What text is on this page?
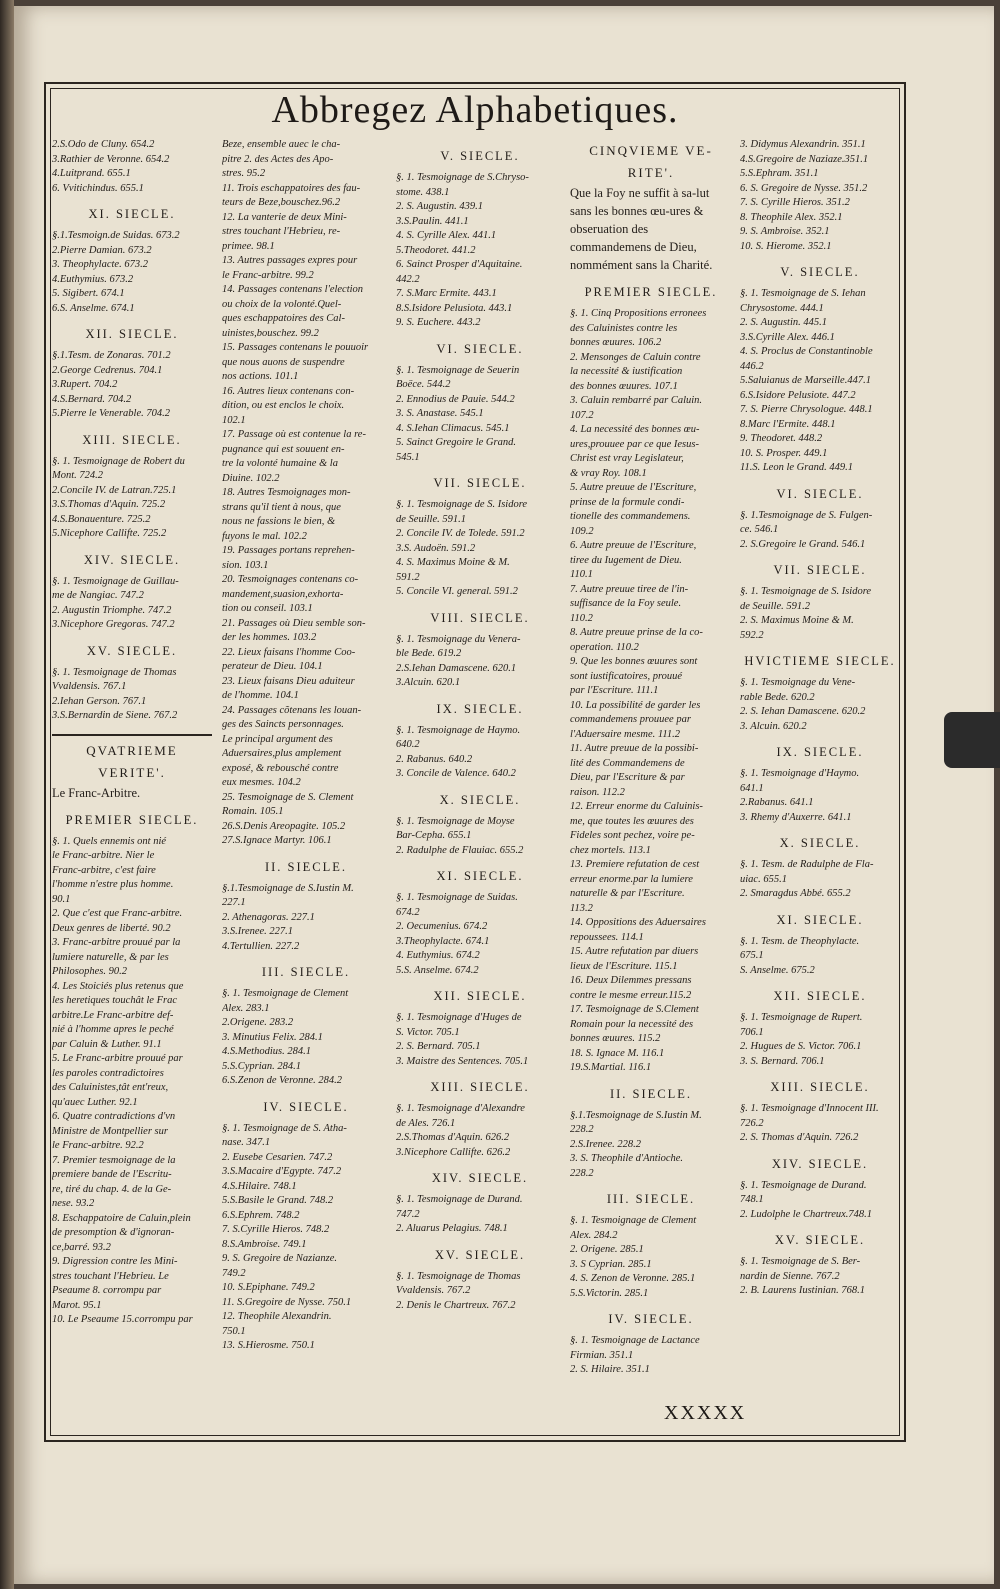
Abbregez Alphabetiques.
2.S.Odo de Cluny. 654.2
3.Rathier de Veronne. 654.2
4.Luitprand. 655.1
6. Vvitichindus. 655.1
XI. SIECLE.
§.1.Tesmoign.de Suidas. 673.2
2.Pierre Damian. 673.2
3. Theophylacte. 673.2
4.Euthymius. 673.2
5. Sigibert. 674.1
6.S. Anselme. 674.1
XII. SIECLE.
§.1.Tesm. de Zonaras. 701.2
2.George Cedrenus. 704.1
3.Rupert. 704.2
4.S.Bernard. 704.2
5.Pierre le Venerable. 704.2
XIII. SIECLE.
§. 1. Tesmoignage de Robert du
Mont. 724.2
2.Concile IV. de Latran.725.1
3.S.Thomas d'Aquin. 725.2
4.S.Bonauenture. 725.2
5.Nicephore Callifte. 725.2
XIV. SIECLE.
§. 1. Tesmoignage de Guillau-
me de Nangiac. 747.2
2. Augustin Triomphe. 747.2
3.Nicephore Gregoras. 747.2
XV. SIECLE.
§. 1. Tesmoignage de Thomas
Vvaldensis. 767.1
2.Iehan Gerson. 767.1
3.S.Bernardin de Siene. 767.2
QVATRIEME
VERITE'.
Le Franc-Arbitre.
PREMIER SIECLE.
§. 1. Quels ennemis ont nié
le Franc-arbitre. Nier le
Franc-arbitre, c'est faire
l'homme n'estre plus homme.
90.1
2. Que c'est que Franc-arbitre.
Deux genres de liberté. 90.2
3. Franc-arbitre prouué par la
lumiere naturelle, & par les
Philosophes. 90.2
4. Les Stoiciés plus retenus que
les heretiques touchât le Frac
arbitre.Le Franc-arbitre def-
nié à l'homme apres le peché
par Caluin & Luther. 91.1
5. Le Franc-arbitre prouué par
les paroles contradictoires
des Caluinistes,tât ent'reux,
qu'auec Luther. 92.1
6. Quatre contradictions d'vn
Ministre de Montpellier sur
le Franc-arbitre. 92.2
7. Premier tesmoignage de la
premiere bande de l'Escritu-
re, tiré du chap. 4. de la Ge-
nese. 93.2
8. Eschappatoire de Caluin,plein
de presomption & d'ignoran-
ce,barré. 93.2
9. Digression contre les Mini-
stres touchant l'Hebrieu. Le
Pseaume 8. corrompu par
Marot. 95.1
10. Le Pseaume 15.corrompu par
Beze, ensemble auec le cha-
pitre 2. des Actes des Apo-
stres. 95.2
11. Trois eschappatoires des fau-
teurs de Beze,bouschez.96.2
12. La vanterie de deux Mini-
stres touchant l'Hebrieu, re-
primee. 98.1
13. Autres passages expres pour
le Franc-arbitre. 99.2
14. Passages contenans l'election
ou choix de la volonté.Quel-
ques eschappatoires des Cal-
uinistes,bouschez. 99.2
15. Passages contenans le pouuoir
que nous auons de suspendre
nos actions. 101.1
16. Autres lieux contenans con-
dition, ou est enclos le choix.
102.1
17. Passage où est contenue la re-
pugnance qui est souuent en-
tre la volonté humaine & la
Diuine. 102.2
18. Autres Tesmoignages mon-
strans qu'il tient à nous, que
nous ne fassions le bien, &
fuyons le mal. 102.2
19. Passages portans reprehen-
sion. 103.1
20. Tesmoignages contenans co-
mandement,suasion,exhorta-
tion ou conseil. 103.1
21. Passages où Dieu semble son-
der les hommes. 103.2
22. Lieux faisans l'homme Coo-
perateur de Dieu. 104.1
23. Lieux faisans Dieu aduiteur
de l'homme. 104.1
24. Passages cõtenans les louan-
ges des Saincts personnages.
Le principal argument des
Aduersaires,plus amplement
exposé, & rebousché contre
eux mesmes. 104.2
25. Tesmoignage de S. Clement
Romain. 105.1
26.S.Denis Areopagite. 105.2
27.S.Ignace Martyr. 106.1
II. SIECLE.
§.1.Tesmoignage de S.Iustin M.
227.1
2. Athenagoras. 227.1
3.S.Irenee. 227.1
4.Tertullien. 227.2
III. SIECLE.
§. 1. Tesmoignage de Clement
Alex. 283.1
2.Origene. 283.2
3. Minutius Felix. 284.1
4.S.Methodius. 284.1
5.S.Cyprian. 284.1
6.S.Zenon de Veronne. 284.2
IV. SIECLE.
§. 1. Tesmoignage de S. Atha-
nase. 347.1
2. Eusebe Cesarien. 747.2
3.S.Macaire d'Egypte. 747.2
4.S.Hilaire. 748.1
5.S.Basile le Grand. 748.2
6.S.Ephrem. 748.2
7. S.Cyrille Hieros. 748.2
8.S.Ambroise. 749.1
9. S. Gregoire de Nazianze.
749.2
10. S.Epiphane. 749.2
11. S.Gregoire de Nysse. 750.1
12. Theophile Alexandrin.
750.1
13. S.Hierosme. 750.1
V. SIECLE.
§. 1. Tesmoignage de S.Chryso-
stome. 438.1
2. S. Augustin. 439.1
3.S.Paulin. 441.1
4. S. Cyrille Alex. 441.1
5.Theodoret. 441.2
6. Sainct Prosper d'Aquitaine.
442.2
7. S.Marc Ermite. 443.1
8.S.Isidore Pelusiota. 443.1
9. S. Euchere. 443.2
VI. SIECLE.
§. 1. Tesmoignage de Seuerin
Boëce. 544.2
2. Ennodius de Pauie. 544.2
3. S. Anastase. 545.1
4. S.Iehan Climacus. 545.1
5. Sainct Gregoire le Grand.
545.1
VII. SIECLE.
§. 1. Tesmoignage de S. Isidore
de Seuille. 591.1
2. Concile IV. de Tolede. 591.2
3.S. Audoën. 591.2
4. S. Maximus Moine & M.
591.2
5. Concile VI. general. 591.2
VIII. SIECLE.
§. 1. Tesmoignage du Venera-
ble Bede. 619.2
2.S.Iehan Damascene. 620.1
3.Alcuin. 620.1
IX. SIECLE.
§. 1. Tesmoignage de Haymo.
640.2
2. Rabanus. 640.2
3. Concile de Valence. 640.2
X. SIECLE.
§. 1. Tesmoignage de Moyse
Bar-Cepha. 655.1
2. Radulphe de Flauiac. 655.2
XI. SIECLE.
§. 1. Tesmoignage de Suidas.
674.2
2. Oecumenius. 674.2
3.Theophylacte. 674.1
4. Euthymius. 674.2
5.S. Anselme. 674.2
XII. SIECLE.
§. 1. Tesmoignage d'Huges de
S. Victor. 705.1
2. S. Bernard. 705.1
3. Maistre des Sentences. 705.1
XIII. SIECLE.
§. 1. Tesmoignage d'Alexandre
de Ales. 726.1
2.S.Thomas d'Aquin. 626.2
3.Nicephore Callifte. 626.2
XIV. SIECLE.
§. 1. Tesmoignage de Durand.
747.2
2. Aluarus Pelagius. 748.1
XV. SIECLE.
§. 1. Tesmoignage de Thomas
Vvaldensis. 767.2
2. Denis le Chartreux. 767.2
CINQVIEME VE-
RITE'.
Que la Foy ne suffit à sa-lut sans les bonnes œu-ures & obseruation des commandemens de Dieu, nommément sans la Charité.
PREMIER SIECLE.
§. 1. Cinq Propositions erronees
des Caluinistes contre les
bonnes œuures. 106.2
2. Mensonges de Caluin contre
la necessité & iustification
des bonnes œuures. 107.1
3. Caluin rembarré par Caluin.
107.2
4. La necessité des bonnes œu-
ures,prouuee par ce que Iesus-
Christ est vray Legislateur,
& vray Roy. 108.1
5. Autre preuue de l'Escriture,
prinse de la formule condi-
tionelle des commandemens.
109.2
6. Autre preuue de l'Escriture,
tiree du Iugement de Dieu.
110.1
7. Autre preuue tiree de l'in-
suffisance de la Foy seule.
110.2
8. Autre preuue prinse de la co-
operation. 110.2
9. Que les bonnes œuures sont
sont iustificatoires, prouué
par l'Escriture. 111.1
10. La possibilité de garder les
commandemens prouuee par
l'Aduersaire mesme. 111.2
11. Autre preuue de la possibi-
lité des Commandemens de
Dieu, par l'Escriture & par
raison. 112.2
12. Erreur enorme du Caluinis-
me, que toutes les œuures des
Fideles sont pechez, voire pe-
chez mortels. 113.1
13. Premiere refutation de cest
erreur enorme.par la lumiere
naturelle & par l'Escriture.
113.2
14. Oppositions des Aduersaires
repoussees. 114.1
15. Autre refutation par diuers
lieux de l'Escriture. 115.1
16. Deux Dilemmes pressans
contre le mesme erreur.115.2
17. Tesmoignage de S.Clement
Romain pour la necessité des
bonnes œuures. 115.2
18. S. Ignace M. 116.1
19.S.Martial. 116.1
II. SIECLE.
§.1.Tesmoignage de S.Iustin M.
228.2
2.S.Irenee. 228.2
3. S. Theophile d'Antioche.
228.2
III. SIECLE.
§. 1. Tesmoignage de Clement
Alex. 284.2
2. Origene. 285.1
3. S Cyprian. 285.1
4. S. Zenon de Veronne. 285.1
5.S.Victorin. 285.1
IV. SIECLE.
§. 1. Tesmoignage de Lactance
Firmian. 351.1
2. S. Hilaire. 351.1
3. Didymus Alexandrin. 351.1
4.S.Gregoire de Naziaze.351.1
5.S.Ephram. 351.1
6. S. Gregoire de Nysse. 351.2
7. S. Cyrille Hieros. 351.2
8. Theophile Alex. 352.1
9. S. Ambroise. 352.1
10. S. Hierome. 352.1
V. SIECLE.
§. 1. Tesmoignage de S. Iehan
Chrysostome. 444.1
2. S. Augustin. 445.1
3.S.Cyrille Alex. 446.1
4. S. Proclus de Constantinoble
446.2
5.Saluianus de Marseille.447.1
6.S.Isidore Pelusiote. 447.2
7. S. Pierre Chrysologue. 448.1
8.Marc l'Ermite. 448.1
9. Theodoret. 448.2
10. S. Prosper. 449.1
11.S. Leon le Grand. 449.1
VI. SIECLE.
§. 1.Tesmoignage de S. Fulgen-
ce. 546.1
2. S.Gregoire le Grand. 546.1
VII. SIECLE.
§. 1. Tesmoignage de S. Isidore
de Seuille. 591.2
2. S. Maximus Moine & M.
592.2
HVICTIEME SIECLE.
§. 1. Tesmoignage du Vene-
rable Bede. 620.2
2. S. Iehan Damascene. 620.2
3. Alcuin. 620.2
IX. SIECLE.
§. 1. Tesmoignage d'Haymo.
641.1
2.Rabanus. 641.1
3. Rhemy d'Auxerre. 641.1
X. SIECLE.
§. 1. Tesm. de Radulphe de Fla-
uiac. 655.1
2. Smaragdus Abbé. 655.2
XI. SIECLE.
§. 1. Tesm. de Theophylacte.
675.1
S. Anselme. 675.2
XII. SIECLE.
§. 1. Tesmoignage de Rupert.
706.1
2. Hugues de S. Victor. 706.1
3. S. Bernard. 706.1
XIII. SIECLE.
§. 1. Tesmoignage d'Innocent III.
726.2
2. S. Thomas d'Aquin. 726.2
XIV. SIECLE.
§. 1. Tesmoignage de Durand.
748.1
2. Ludolphe le Chartreux.748.1
XV. SIECLE.
§. 1. Tesmoignage de S. Ber-
nardin de Sienne. 767.2
2. B. Laurens Iustinian. 768.1
XXXXX
